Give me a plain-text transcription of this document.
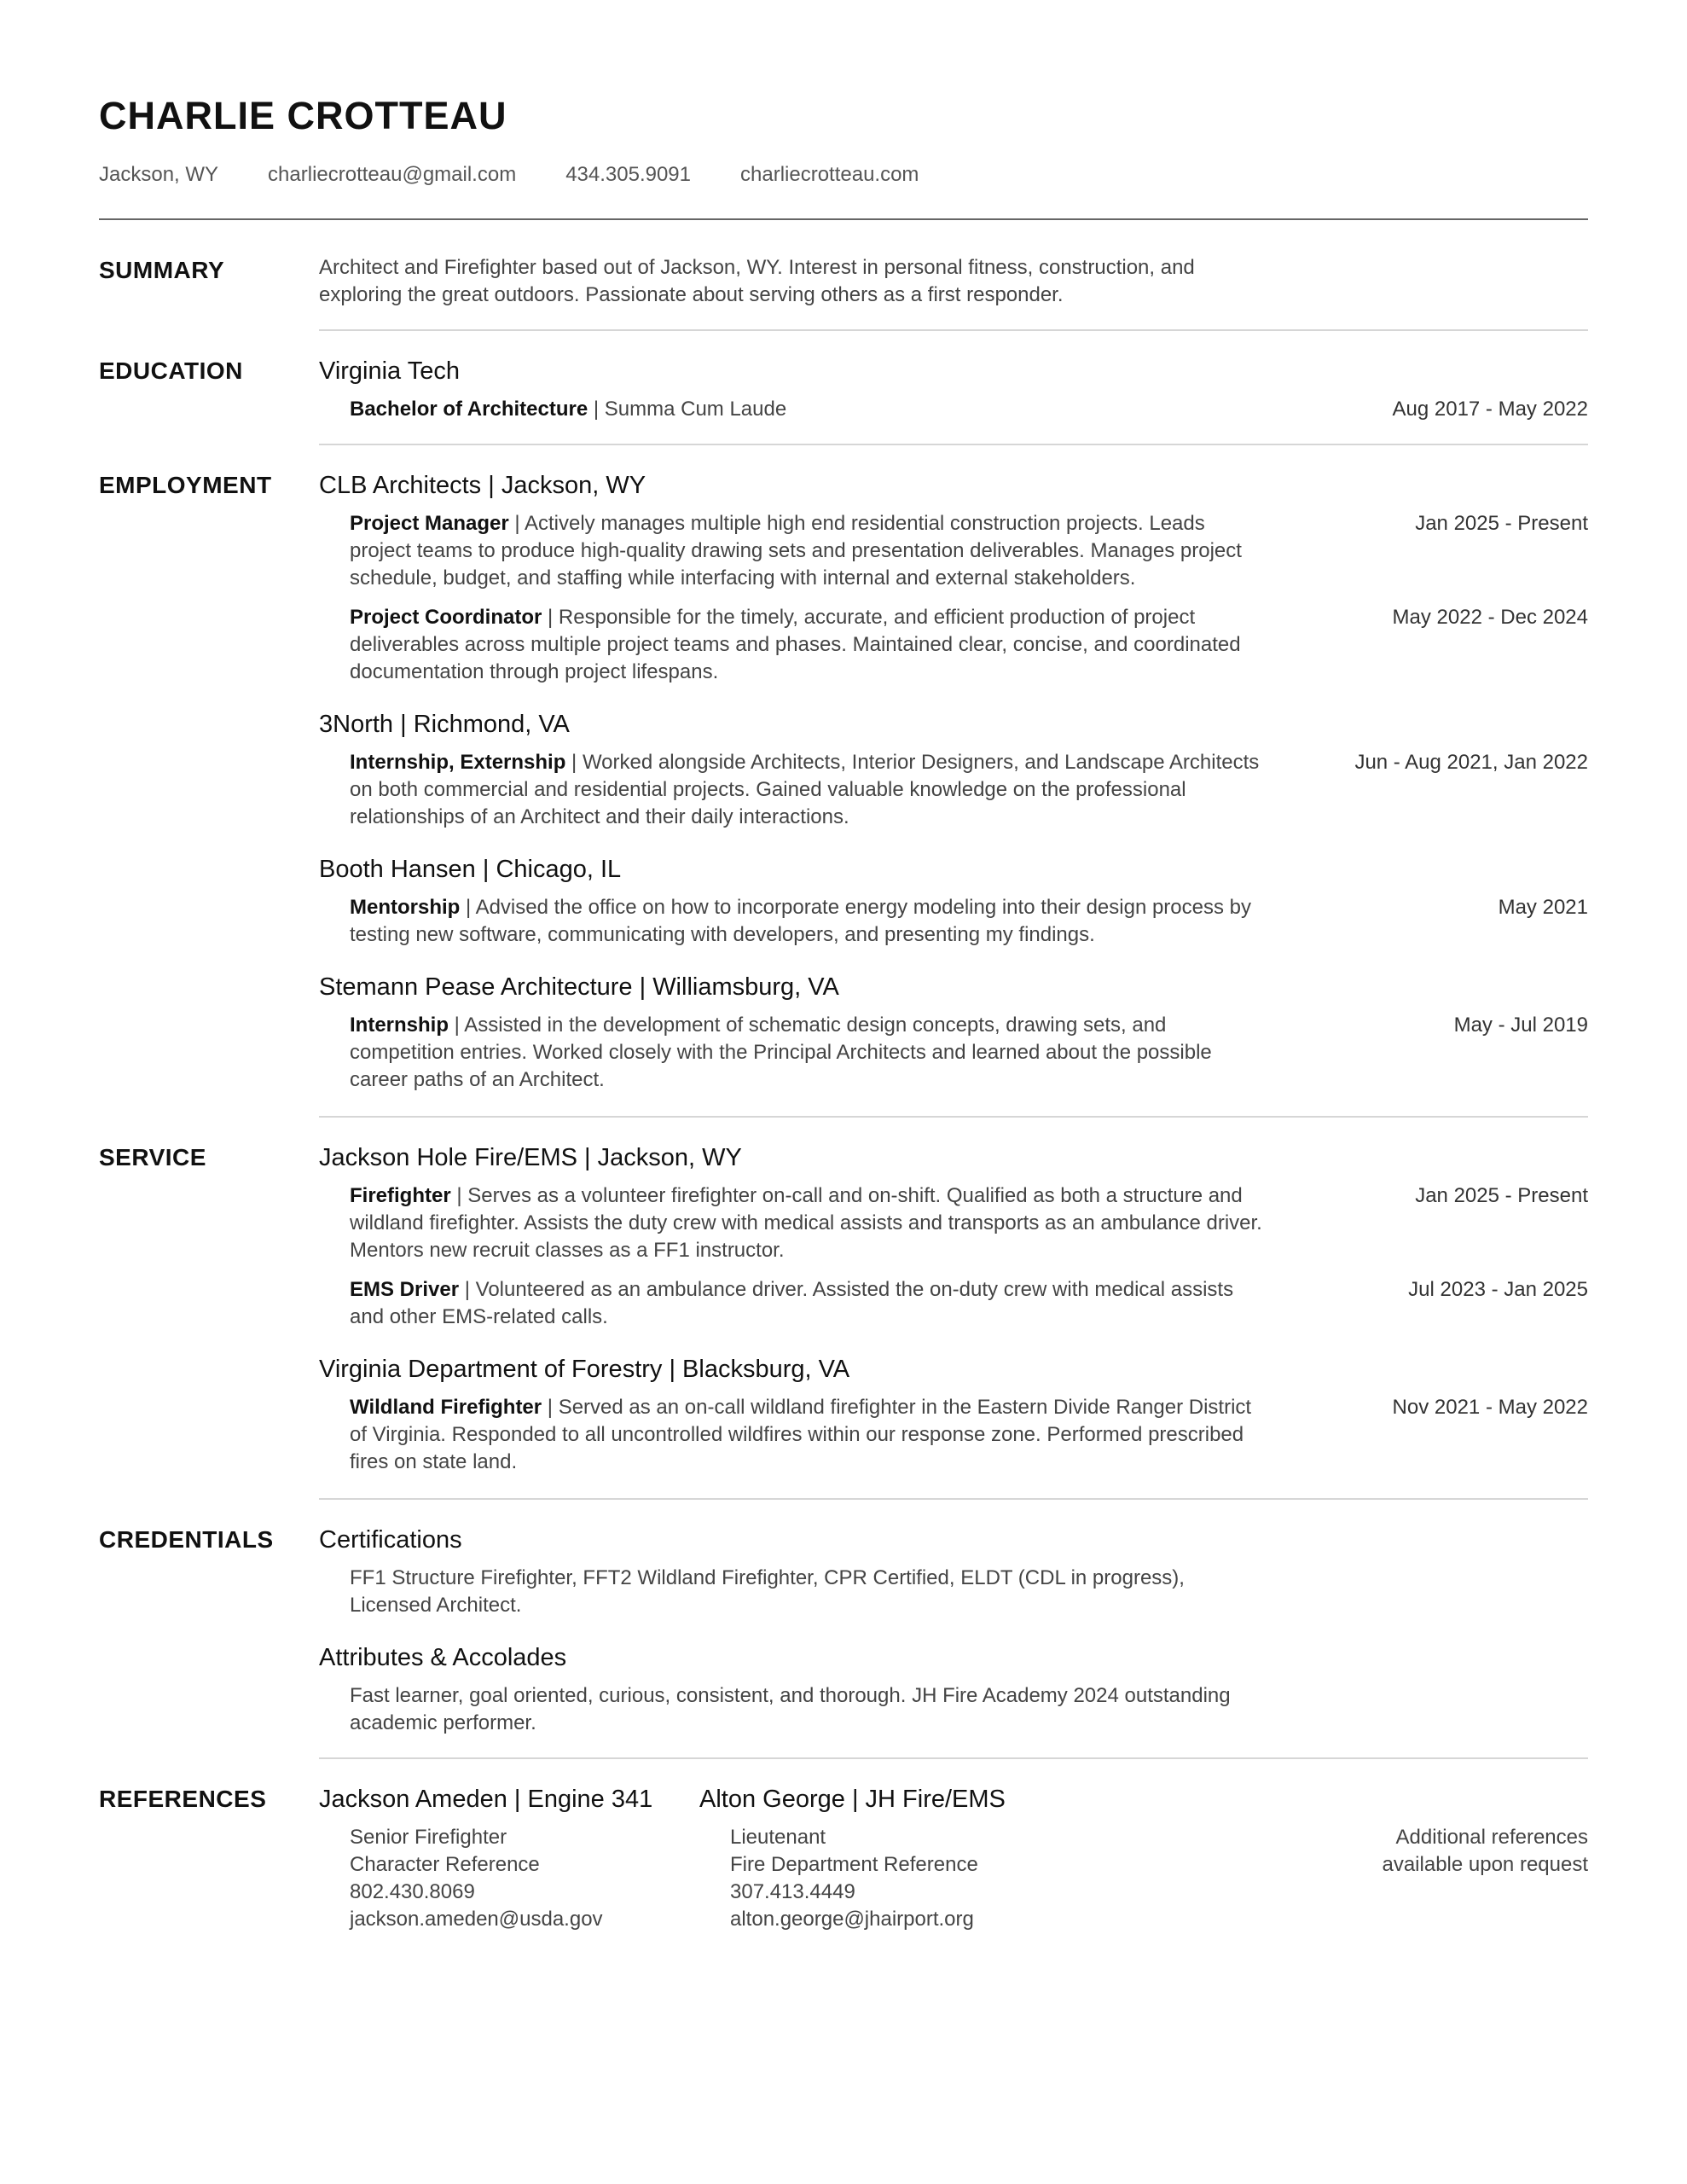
CHARLIE CROTTEAU
Jackson, WY charliecrotteau@gmail.com 434.305.9091 charliecrotteau.com
SUMMARY	Architect and Firefighter based out of Jackson, WY. Interest in personal fitness, construction, and exploring the great outdoors. Passionate about serving others as a first responder.
EDUCATION	Virginia Tech
Bachelor of Architecture | Summa Cum Laude	Aug 2017 - May 2022
EMPLOYMENT	CLB Architects | Jackson, WY
Project Manager | Actively manages multiple high end residential construction projects. Leads project teams to produce high-quality drawing sets and presentation deliverables. Manages project schedule, budget, and staffing while interfacing with internal and external stakeholders.
Jan 2025 - Present
Project Coordinator | Responsible for the timely, accurate, and efficient production of project deliverables across multiple project teams and phases. Maintained clear, concise, and coordinated documentation through project lifespans.
May 2022 - Dec 2024
3North | Richmond, VA
Internship, Externship | Worked alongside Architects, Interior Designers, and Landscape Architects on both commercial and residential projects. Gained valuable knowledge on the professional relationships of an Architect and their daily interactions.
Jun - Aug 2021, Jan 2022
Booth Hansen | Chicago, IL
Mentorship | Advised the office on how to incorporate energy modeling into their design process by testing new software, communicating with developers, and presenting my findings.
May 2021
Stemann Pease Architecture | Williamsburg, VA
Internship | Assisted in the development of schematic design concepts, drawing sets, and competition entries. Worked closely with the Principal Architects and learned about the possible career paths of an Architect.
May - Jul 2019
SERVICE	Jackson Hole Fire/EMS | Jackson, WY
Firefighter | Serves as a volunteer firefighter on-call and on-shift. Qualified as both a structure and wildland firefighter. Assists the duty crew with medical assists and transports as an ambulance driver. Mentors new recruit classes as a FF1 instructor.
Jan 2025 - Present
EMS Driver | Volunteered as an ambulance driver. Assisted the on-duty crew with medical assists and other EMS-related calls.
Jul 2023 - Jan 2025
Virginia Department of Forestry | Blacksburg, VA
Wildland Firefighter | Served as an on-call wildland firefighter in the Eastern Divide Ranger District of Virginia. Responded to all uncontrolled wildfires within our response zone. Performed prescribed fires on state land.
Nov 2021 - May 2022
CREDENTIALS	Certifications
FF1 Structure Firefighter, FFT2 Wildland Firefighter, CPR Certified, ELDT (CDL in progress), Licensed Architect.
Attributes & Accolades
Fast learner, goal oriented, curious, consistent, and thorough. JH Fire Academy 2024 outstanding academic performer.
REFERENCES	Jackson Ameden | Engine 341
Senior Firefighter
Character Reference
802.430.8069
jackson.ameden@usda.gov
Alton George | JH Fire/EMS
Lieutenant
Fire Department Reference
307.413.4449
alton.george@jhairport.org
Additional references
available upon request
